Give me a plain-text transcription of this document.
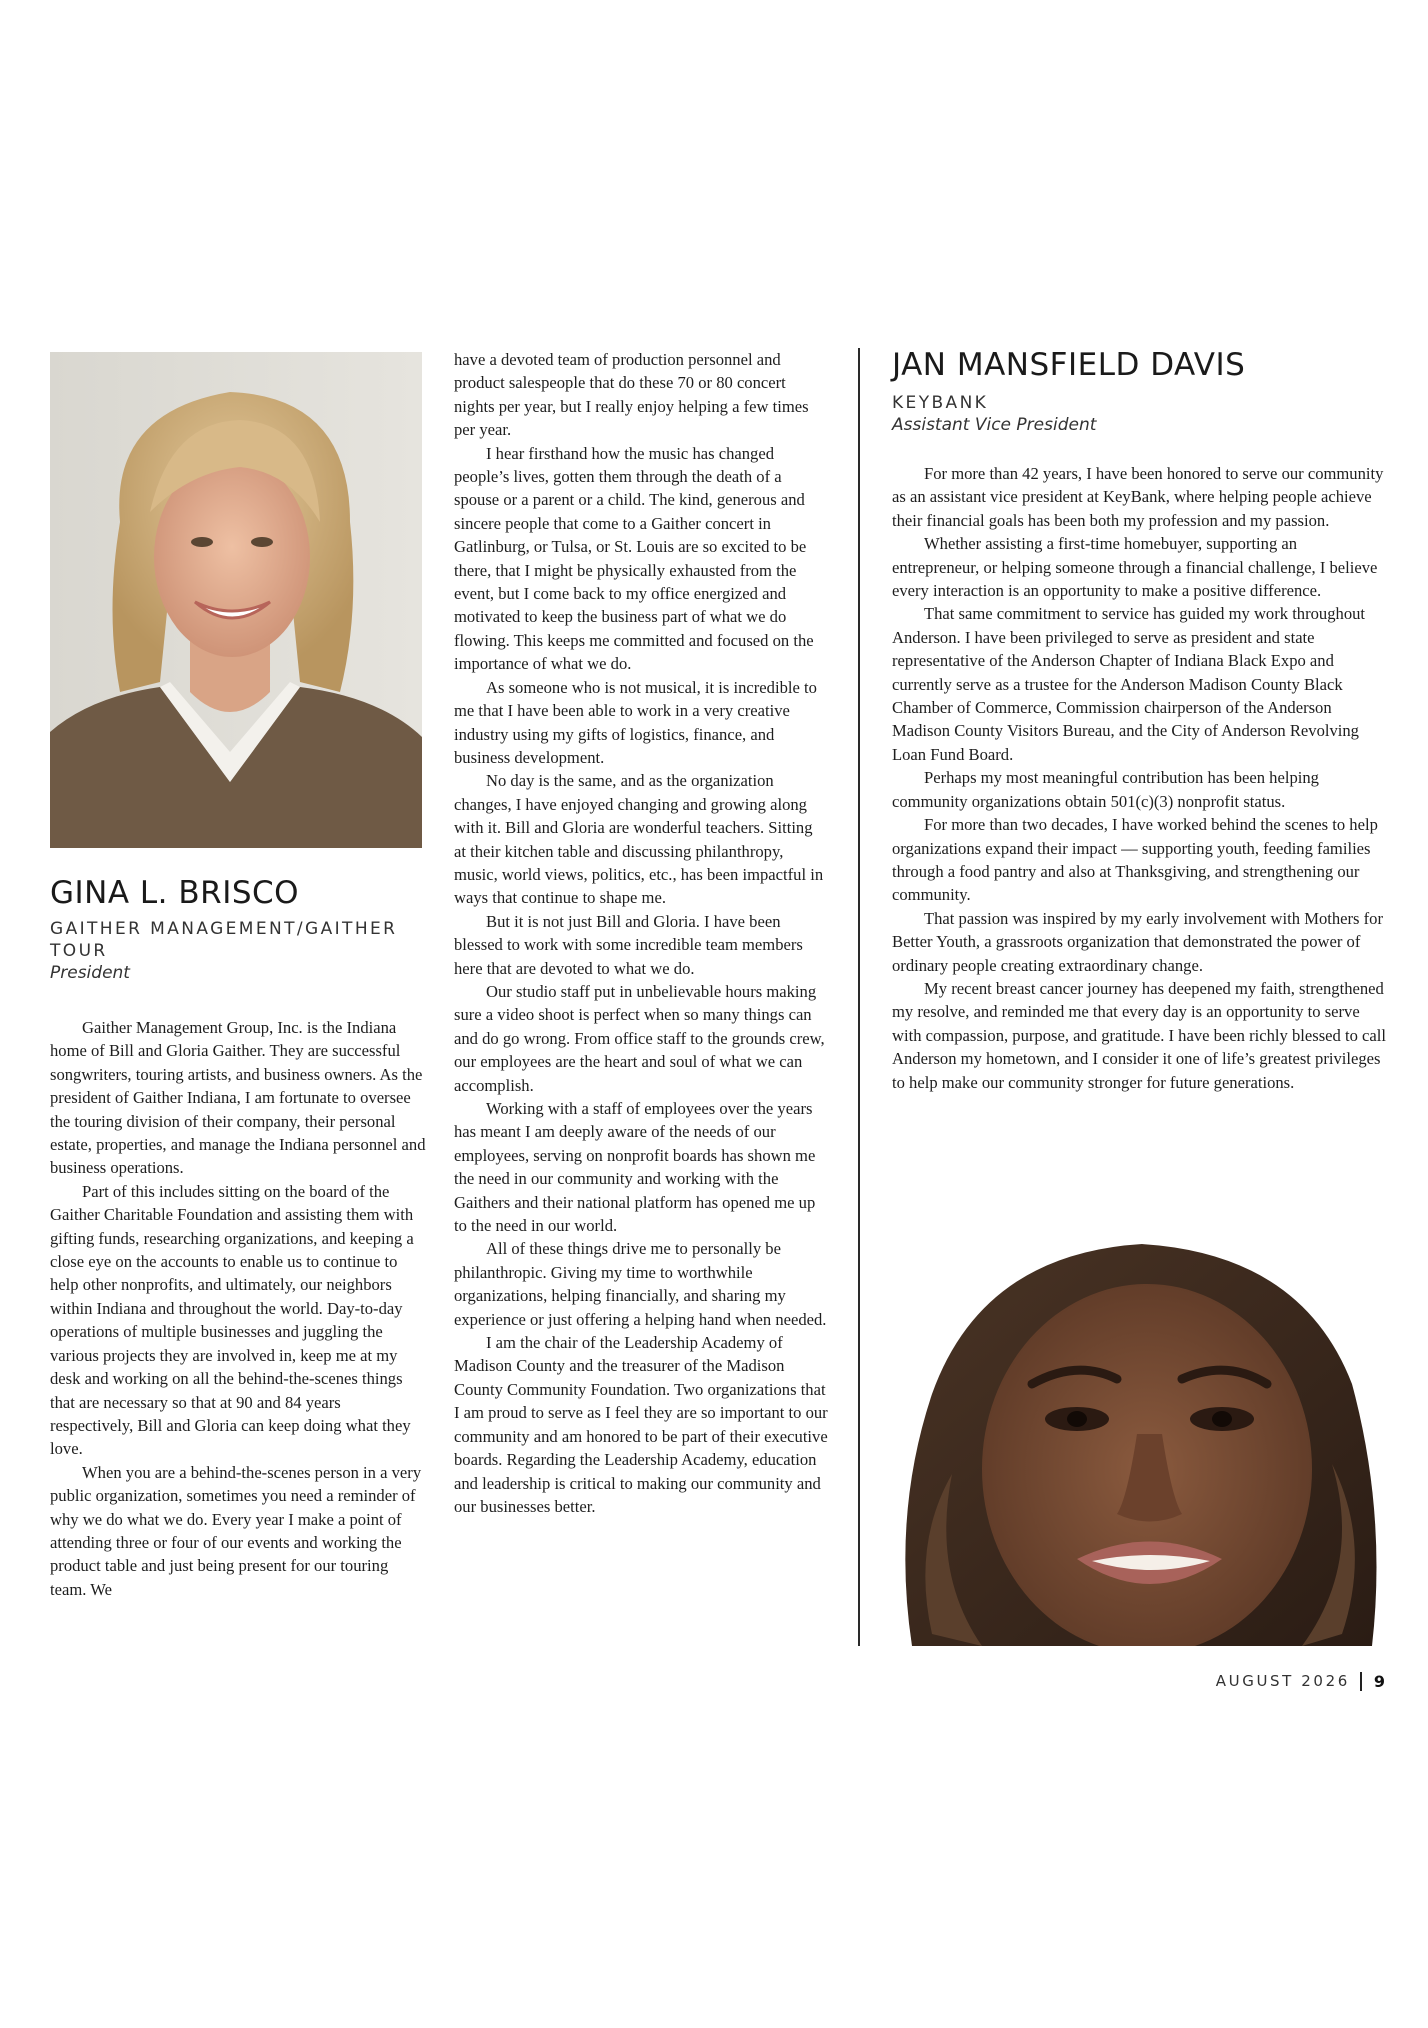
GINA L. BRISCO
GAITHER MANAGEMENT/GAITHER TOUR
President

Gaither Management Group, Inc. is the Indiana home of Bill and Gloria Gaither. They are successful songwriters, touring artists, and business owners. As the president of Gaither Indiana, I am fortunate to oversee the touring division of their company, their personal estate, properties, and manage the Indiana personnel and business operations.

Part of this includes sitting on the board of the Gaither Charitable Foundation and assisting them with gifting funds, researching organizations, and keeping a close eye on the accounts to enable us to continue to help other nonprofits, and ultimately, our neighbors within Indiana and throughout the world. Day-to-day operations of multiple businesses and juggling the various projects they are involved in, keep me at my desk and working on all the behind-the-scenes things that are necessary so that at 90 and 84 years respectively, Bill and Gloria can keep doing what they love.

When you are a behind-the-scenes person in a very public organization, sometimes you need a reminder of why we do what we do. Every year I make a point of attending three or four of our events and working the product table and just being present for our touring team. We

have a devoted team of production personnel and product salespeople that do these 70 or 80 concert nights per year, but I really enjoy helping a few times per year.

I hear firsthand how the music has changed people’s lives, gotten them through the death of a spouse or a parent or a child. The kind, generous and sincere people that come to a Gaither concert in Gatlinburg, or Tulsa, or St. Louis are so excited to be there, that I might be physically exhausted from the event, but I come back to my office energized and motivated to keep the business part of what we do flowing. This keeps me committed and focused on the importance of what we do.

As someone who is not musical, it is incredible to me that I have been able to work in a very creative industry using my gifts of logistics, finance, and business development.

No day is the same, and as the organization changes, I have enjoyed changing and growing along with it. Bill and Gloria are wonderful teachers. Sitting at their kitchen table and discussing philanthropy, music, world views, politics, etc., has been impactful in ways that continue to shape me.

But it is not just Bill and Gloria. I have been blessed to work with some incredible team members here that are devoted to what we do.

Our studio staff put in unbelievable hours making sure a video shoot is perfect when so many things can and do go wrong. From office staff to the grounds crew, our employees are the heart and soul of what we can accomplish.

Working with a staff of employees over the years has meant I am deeply aware of the needs of our employees, serving on nonprofit boards has shown me the need in our community and working with the Gaithers and their national platform has opened me up to the need in our world.

All of these things drive me to personally be philanthropic. Giving my time to worthwhile organizations, helping financially, and sharing my experience or just offering a helping hand when needed.

I am the chair of the Leadership Academy of Madison County and the treasurer of the Madison County Community Foundation. Two organizations that I am proud to serve as I feel they are so important to our community and am honored to be part of their executive boards. Regarding the Leadership Academy, education and leadership is critical to making our community and our businesses better.

JAN MANSFIELD DAVIS
KEYBANK
Assistant Vice President

For more than 42 years, I have been honored to serve our community as an assistant vice president at KeyBank, where helping people achieve their financial goals has been both my profession and my passion.

Whether assisting a first-time homebuyer, supporting an entrepreneur, or helping someone through a financial challenge, I believe every interaction is an opportunity to make a positive difference.

That same commitment to service has guided my work throughout Anderson. I have been privileged to serve as president and state representative of the Anderson Chapter of Indiana Black Expo and currently serve as a trustee for the Anderson Madison County Black Chamber of Commerce, Commission chairperson of the Anderson Madison County Visitors Bureau, and the City of Anderson Revolving Loan Fund Board.

Perhaps my most meaningful contribution has been helping community organizations obtain 501(c)(3) nonprofit status.

For more than two decades, I have worked behind the scenes to help organizations expand their impact — supporting youth, feeding families through a food pantry and also at Thanksgiving, and strengthening our community.

That passion was inspired by my early involvement with Mothers for Better Youth, a grassroots organization that demonstrated the power of ordinary people creating extraordinary change.

My recent breast cancer journey has deepened my faith, strengthened my resolve, and reminded me that every day is an opportunity to serve with compassion, purpose, and gratitude. I have been richly blessed to call Anderson my hometown, and I consider it one of life’s greatest privileges to help make our community stronger for future generations.

AUGUST 2026 9
